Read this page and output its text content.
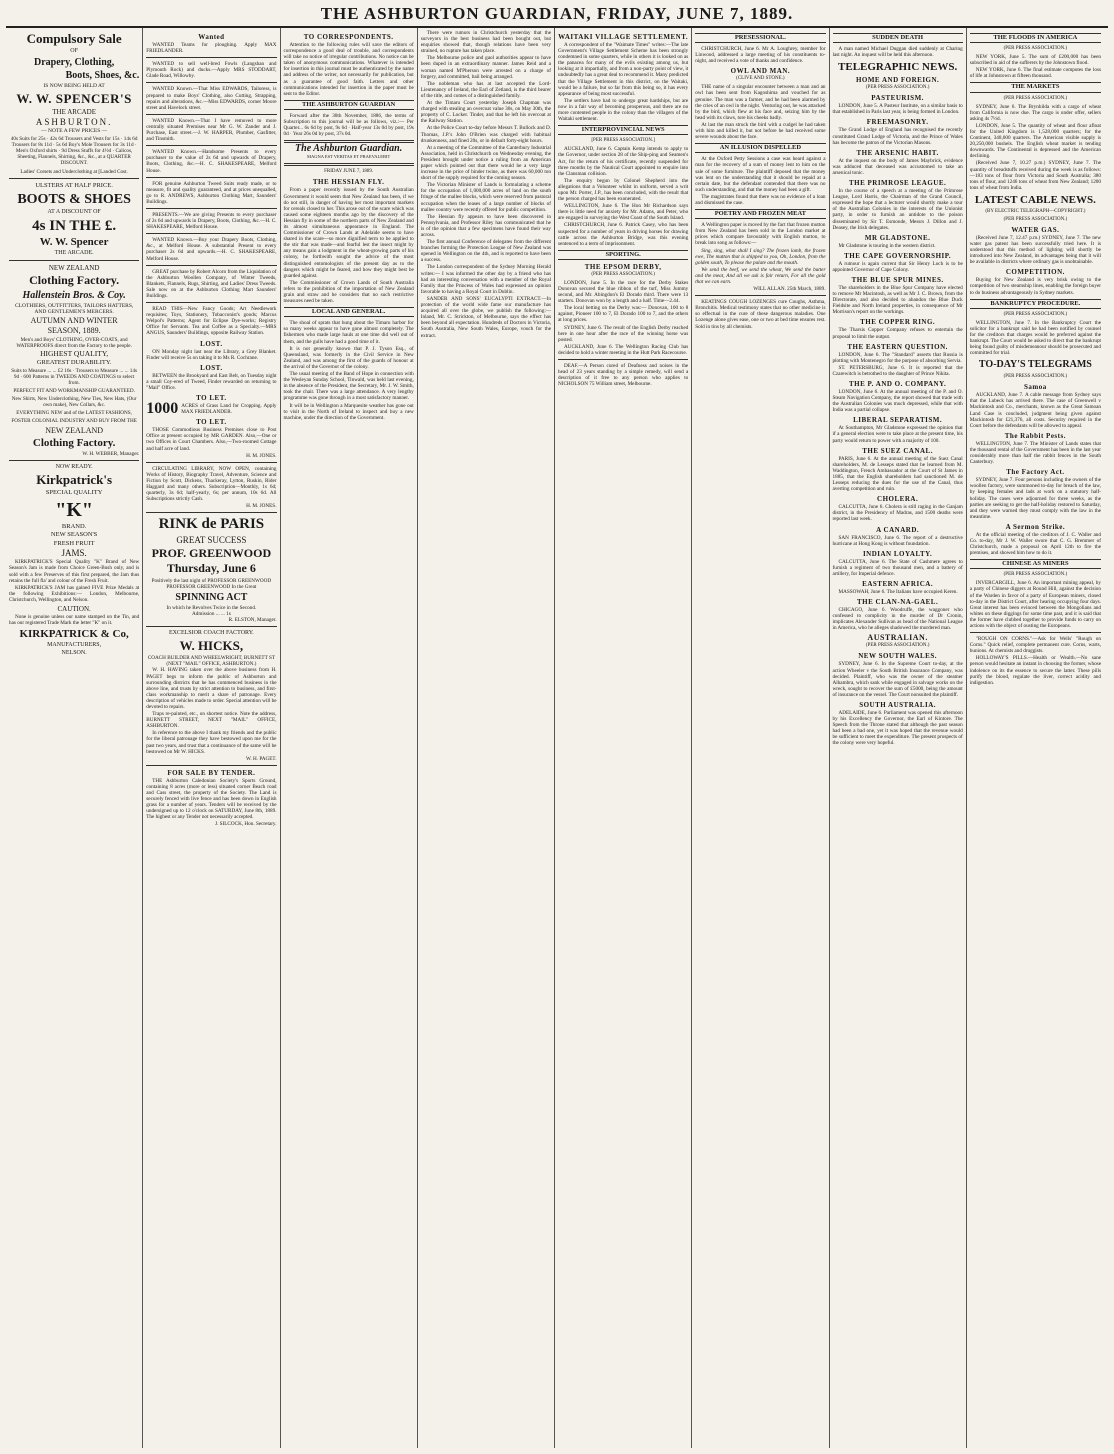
THE ASHBURTON GUARDIAN, FRIDAY, JUNE 7, 1889.
Compulsory Sale
OF
Drapery, Clothing,
Boots, Shoes, &c.
IS NOW BEING HELD AT
W. W. SPENCER'S
THE ARCADE
ASHBURTON.
— NOTE A FEW PRICES —
40s Suits for 25s · 42s 6d Trousers and Vests for 15s · 14s 6d Trousers for 8s 11d · 5s 6d Boy's Mole Trousers for 3s 11d · Men's Oxford shirts · 9d Dress Stuffs for 4½d · Calicos, Sheeting, Flannels, Shirting, &c., &c., at a QUARTER DISCOUNT.
Ladies' Corsets and Underclothing at [Landed Cost.
ULSTERS AT HALF PRICE.
BOOTS & SHOES
AT A DISCOUNT OF
4s IN THE £.
W. W. Spencer
THE ARCADE.
NEW ZEALAND
Clothing Factory.
Hallenstein Bros. & Coy.
CLOTHIERS, OUTFITTERS, TAILORS HATTERS, AND GENTLEMEN'S MERCERS.
AUTUMN AND WINTER
SEASON, 1889.
Men's and Boys' CLOTHING, OVER-COATS, and WATERPROOFS direct from the Factory to the people.
HIGHEST QUALITY,
GREATEST DURABILITY.
Suits to Measure ... ... £2 16s · Trousers to Measure ... ... 14s 9d · 600 Patterns in TWEEDS AND COATINGS to select from.
PERFECT FIT AND WORKMANSHIP GUARANTEED.
New Shirts, New Underclothing, New Ties, New Hats, (Our own make), New Collars, &c.
EVERYTHING NEW and of the LATEST FASHIONS,
FOSTER COLONIAL INDUSTRY AND BUY FROM THE
NEW ZEALAND
Clothing Factory.
W. H. WEBBER, Manager.
NOW READY.
Kirkpatrick's
SPECIAL QUALITY
"K"
BRAND.
NEW SEASON'S
FRESH FRUIT
JAMS.
KIRKPATRICK'S Special Quality "K" Brand of New Season's Jam is made from Choice Green-Bush only, and is sold with a few Preserves of this first prepared, the Jam thus retains the full fla' and colour of the Fresh Fruit.
KIRKPATRICK'S JAM has gained FIVE Prize Medals at the following Exhibitions:— London, Melbourne, Christchurch, Wellington, and Nelson.
CAUTION.
None is genuine unless our name stamped on the Tin, and has our registered Trade Mark the letter "K" on it.
KIRKPATRICK & Co,
MANUFACTURERS,
NELSON.
Wanted
WANTED Teams for ploughing. Apply MAX FRIEDLANDER.
WANTED to sell well-bred Fowls (Langshan and Plymouth Rock) and ducks.—Apply MRS STODDART, Glade Road, Willowby.
WANTED Known.—That Miss EDWARDS, Tailoress, is prepared to make Boys' Clothing, also Cutting, Strapping, repairs and alterations, &c.—Miss EDWARDS, corner Moore street and Havelock street.
WANTED Known.—That I have removed to more centrally situated Premises near Mr G. W. Zander and J. Purchase, East street.—J. W. HARPER, Plumber, Gasfitter, and Tinsmith.
WANTED Known.—Handsome Presents to every purchaser to the value of 2s 6d and upwards of Drapery, Boots, Clothing, &c.—H. C. SHAKESPEARE, Melford House.
FOR genuine Ashburton Tweed Suits ready made, or to measure, fit and quality guaranteed, and at prices unequalled, go to R. ANDREWS, Ashburton Clothing Mart, Saunders' Buildings.
PRESENTS.—We are giving Presents to every purchaser of 2s 6d and upwards in Drapery, Boots, Clothing, &c.—H. C. SHAKESPEARE, Melford House.
WANTED Known.—Buy your Drapery Boots, Clothing, &c., at Melford House. A substantial Present to every purchaser 2s 6d and upwards.—H. C. SHAKESPEARE, Melford House.
GREAT purchase by Robert Alcorn from the Liquidation of the Ashburton Woollen Company, of Winter Tweeds, Blankets, Flannels, Rugs, Shirting, and Ladies' Dress Tweeds. Sale now on at the Ashburton Clothing Mart Saunders' Buildings.
READ THIS—New Fancy Goods; Art Needlework requisites; Toys, Stationery, Tobacconist's goods; Marcus Welpol's Patterns; Agent for Eclipse Dye-works; Registry Office for Servants. Tea and Coffee as a Specialty.—MRS ANGUS, Saunders' Buildings, opposite Railway Station.
LOST.
ON Monday night last near the Library, a Grey Blanket. Finder will receive 5s on taking it to Ms R. Cochrane.
LOST.
BETWEEN the Brookyard and East Belt, on Tuesday night a small Coy-ered of Tweed, Finder rewarded on returning to "Mail" Office.
TO LET.
1000 ACRES of Grass Land for Cropping. Apply MAX FRIEDLANDER.
TO LET.
THOSE Commodious Business Premises close to Post Office at present occupied by MR GARDEN. Also,—One or two Offices in Court Chambers. Also,—Two-roomed Cottage and half acre of land.
H. M. JONES.
CIRCULATING LIBRARY, NOW OPEN, containing Works of History, Biography Travel, Adventure, Science and Fiction by Scott, Dickens, Thackeray, Lytton, Ruskin, Rider Haggard and many others. Subscription—Monthly, 1s 6d; quarterly, 3s 6d; half-yearly, 6s; per annum, 10s 6d. All Subscriptions strictly Cash.
H. M. JONES.
RINK de PARIS
GREAT SUCCESS
PROF. GREENWOOD
Thursday, June 6
Positively the last night of PROFESSOR GREENWOOD PROFESSOR GREENWOOD In the Great
SPINNING ACT
In which he Revolves Twice in the Second.
Admission ... ... 1s
R. ELSTON, Manager.
EXCELSIOR COACH FACTORY.
W. HICKS,
COACH BUILDER AND WHEELWRIGHT, BURNETT ST (NEXT "MAIL" OFFICE, ASHBURTON.)
W. H. HAVING taken over the above business from H. PAGET begs to inform the public of Ashburton and surrounding districts that he has commenced business in the above line, and trusts by strict attention to business, and first-class workmanship to merit a share of patronage. Every description of vehicles made to order. Special attention will be devoted to repairs.
Traps re-painted, etc., on shortest notice. Note the address, BURNETT STREET, NEXT "MAIL" OFFICE, ASHBURTON.
In reference to the above I thank my friends and the public for the liberal patronage they have bestowed upon me for the past two years, and trust that a continuance of the same will be bestowed on Mr W. HICKS.
W. H. PAGET.
FOR SALE BY TENDER.
THE Ashburton Caledonian Society's Sports Ground, containing 8 acres (more or less) situated corner Beach road and Cass street, the property of the Society. The Land is securely fenced with live fence and has been down in English grass for a number of years. Tenders will be received by the undersigned up to 12 o'clock on SATURDAY, June 8th, 1889. The highest or any Tender not necessarily accepted.
J. SILCOCK, Hon. Secretary.
TO CORRESPONDENTS.
Attention to the following rules will save the editors of correspondence a good deal of trouble, and correspondents will take no notice of irregular contributions. No notice can be taken of anonymous communications. Whatever is intended for insertion in this journal must be authenticated by the name and address of the writer, not necessarily for publication, but as a guarantee of good faith. Letters and other communications intended for insertion in the paper must be sent to the Editor.
THE ASHBURTON GUARDIAN
Forward after the 30th November, 1886, the terms of Subscription to this journal will be as follows, viz.:— Per Quarter... 6s 6d by post, 9s 6d · Half-year 13s 0d by post, 19s 0d · Year 26s 0d by post, 37s 0d.
The Ashburton Guardian.
MAGNA EST VERITAS ET PRAEVALEBIT
FRIDAY JUNE 7, 1889.
THE HESSIAN FLY.
From a paper recently issued by the South Australian Government it would seem that New Zealand has been, if we do not still, in danger of having her most important markets for cereals closed to her. This arose out of the scare which was caused some eighteen months ago by the discovery of the Hessian fly in some of the northern parts of New Zealand and its almost simultaneous appearance in England. The Commissioner of Crown Lands at Adelaide seems to have shared in the scare—so more dignified term to be applied to the stir that was made—and fearful lest the insect might by any means gain a lodgment in the wheat-growing parts of his colony, he forthwith sought the advice of the most distinguished entomologists of the present day as to the dangers which might be feared, and how they might best be guarded against.
The Commissioner of Crown Lands of South Australia refers to the prohibition of the importation of New Zealand grain and straw and he considers that no such restrictive measures need be taken.
LOCAL AND GENERAL.
The shoal of sprats that hung about the Timaru harbor for so many weeks appear to have gone almost completely. The fishermen who made large hauls at one time did well out of them, and the gulls have had a good time of it.
It is not generally known that P. J. Tyson Esq., of Queensland, was formerly in the Civil Service in New Zealand, and was among the first of the guards of honour at the arrival of the Governor of the colony.
The usual meeting of the Band of Hope in connection with the Wesleyan Sunday School, Tinwald, was held last evening, in the absence of the President, the Secretary, Mr. J. W. Smith, took the chair. There was a large attendance. A very lengthy programme was gone through in a most satisfactory manner.
It will be in Wellington a Marquesite weather has gone out to visit in the North of Ireland to inspect and buy a new machine, under the direction of the Government.
There were rumors in Christchurch yesterday that the surveyors in the best business had been bought out, but enquiries showed that, though relations have been very strained, no rupture has taken place.
The Melbourne police and gaol authorities appear to have been duped in an extraordinary manner. James Reid and a woman named M'Pherson were arrested on a charge of forgery, and committed, bail being arranged.
The nobleman who has at last accepted the Lord-Lieutenancy of Ireland, the Earl of Zetland, is the third bearer of the title, and comes of a distinguished family.
At the Timaru Court yesterday Joseph Chapman was charged with stealing an overcoat value 30s, on May 30th, the property of C. Locker. Tinder, and that he left his overcoat at the Railway Station.
At the Police Court to-day before Messrs T. Bullock and D. Thomas, J.P.'s John O'Brien was charged with habitual drunkenness, and fined 20s, or in default forty-eight hours.
At a meeting of the Committee of the Canterbury Industrial Association, held in Christchurch on Wednesday evening, the President brought under notice a ruling from an American paper which pointed out that there would be a very large increase in the price of binder twine, as there was 60,000 ton short of the supply required for the coming season.
The Victorian Minister of Lands is formulating a scheme for the occupation of 1,000,000 acres of land on the south fringe of the mallee blocks, which were reserved from pastoral occupation when the leases of a large number of blocks of mallee country were recently offered for public competition.
The Hessian fly appears to have been discovered in Pennsylvania, and Professor Riley has communicated that he is of the opinion that a few specimens have found their way across.
The first annual Conference of delegates from the different branches forming the Protection League of New Zealand was opened in Wellington on the 4th, and is reported to have been a success.
The London correspondent of the Sydney Morning Herald writes:— I was informed the other day by a friend who has had an interesting conversation with a member of the Royal Family that the Princess of Wales had expressed an opinion favorable to having a Royal Court in Dublin.
SANDER AND SONS' EUCALYPTI EXTRACT.—In protection of the world wide fame our manufacture has acquired all over the globe, we publish the following:—Inland, Mr. C. Strickton, of Melbourne, says the effect has been beyond all expectation. Hundreds of Doctors in Victoria, South Australia, New South Wales, Europe, vouch for the extract.
WAITAKI VILLAGE SETTLEMENT.
A correspondent of the "Waimate Times" writes:—The late Government's Village Settlement Scheme has been strongly condemned in some quarters, while in others it is looked on as the panacea for many of the evils existing among us, but looking at it impartially, and from a non-party point of view, it undoubtedly has a great deal to recommend it. Many predicted that the Village Settlement in this district, on the Waitaki, would be a failure, but so far from this being so, it has every appearance of being most successful.
The settlers have had to undergo great hardships, but are now in a fair way of becoming prosperous, and there are no more contented people in the colony than the villagers of the Waitaki settlement.
INTERPROVINCIAL NEWS
[PER PRESS ASSOCIATION.]
AUCKLAND, June 6. Captain Kemp intends to apply to the Governor, under section 28 of the Ship-ping and Seamen's Act, for the return of his certificate, recently suspended for three months by the Nautical Court appointed to enquire into the Clansman collision.
The enquiry begun by Colonel Shepherd into the allegations that a Volunteer whilst in uniform, served a writ upon Mr. Porter, J.P., has been concluded, with the result that the person charged has been exonerated.
WELLINGTON, June 6. The Hon Mr Richardson says there is little need for anxiety for Mr. Adams, and Peter, who are engaged in surveying the West Coast of the South Island.
CHRISTCHURCH, June 6. Patrick Casey, who has been suspected for a number of years in driving horses for drawing cattle across the Ashburton Bridge, was this evening sentenced to a term of imprisonment.
SPORTING.
THE EPSOM DERBY,
(PER PRESS ASSOCIATION.)
LONDON, June 5. In the race for the Derby Stakes Donovan secured the blue ribbon of the turf, Miss Jummy second, and Mr. Abingdon's El Dorado third. There were 13 starters. Donovan won by a length and a half. Time—2.44.
The local betting on the Derby was:— Donovan, 100 to 8 against, Pioneer 100 to 7, El Dorado 100 to 7, and the others at long prices.
SYDNEY, June 6. The result of the English Derby reached here in one hour after the race of the winning horse was posted.
AUCKLAND, June 6. The Wellington Racing Club has decided to hold a winter meeting in the Hutt Park Racecourse.
DEAF.—A Person cured of Deafness and noises in the head of 23 years standing by a simple remedy, will send a description of it free to any person who applies to NICHOLSON 75 William street, Melbourne.
PRESESSIONAL.
CHRISTCHURCH, June 6. Mr A. Loughrey, member for Linwood, addressed a large meeting of his constituents to-night, and received a vote of thanks and confidence.
OWL AND MAN.
(CLIVE AND STONE.)
THE name of a singular encounter between a man and an owl has been sent from Kagoshima and vouched for as genuine. The man was a farmer, and he had been alarmed by the cries of an owl in the night. Venturing out, he was attacked by the bird, which flew at his face and, seizing him by the head with its claws, tore his cheeks badly.
At last the man struck the bird with a cudgel he had taken with him and killed it, but not before he had received some severe wounds about the face.
AN ILLUSION DISPELLED
At the Oxford Petty Sessions a case was heard against a man for the recovery of a sum of money lent to him on the sale of some furniture. The plaintiff deposed that the money was lent on the understanding that it should be repaid at a certain date, but the defendant contended that there was no such understanding, and that the money had been a gift.
The magistrates found that there was no evidence of a loan and dismissed the case.
POETRY AND FROZEN MEAT
A Wellington paper is moved by the fact that frozen mutton from New Zealand has been sold in the London market at prices which compare favourably with English mutton, to break into song as follows:—
Sing, sing, what shall I sing? The frozen lamb, the frozen ewe, The mutton that is shipped to you, Oh, London, from the golden south, To please the palate and the mouth.
We send the beef, we send the wheat, We send the butter and the meat, And all we ask is fair return, For all the gold that we can earn.
WILL ALLAN. 25th March, 1889.
KEATINGS COUGH LOZENGES cure Coughs, Asthma, Bronchitis. Medical testimony states that no other medicine is so effectual in the cure of these dangerous maladies. One Lozenge alone gives ease, one or two at bed time ensures rest. Sold in tins by all chemists.
SUDDEN DEATH
A man named Michael Duggan died suddenly at Charing last night. An inquest will be held this afternoon.
TELEGRAPHIC NEWS.
HOME AND FOREIGN.
(PER PRESS ASSOCIATION.)
PASTEURISM.
LONDON, June 5. A Pasteur Institute, on a similar basis to that established in Paris last year, is being formed in London.
FREEMASONRY.
The Grand Lodge of England has recognised the recently constituted Grand Lodge of Victoria, and the Prince of Wales has become the patron of the Victorian Masons.
THE ARSENIC HABIT.
At the inquest on the body of James Maybrick, evidence was adduced that deceased was accustomed to take an arsenical tonic.
THE PRIMROSE LEAGUE.
In the course of a speech at a meeting of the Primrose League, Lord Harris, the Chairman of the Grand Council, expressed the hope that a lecturer would shortly make a tour of the Australian Colonies in the interests of the Unionist party, in order to furnish an antidote to the poison disseminated by Sir T. Esmonde, Messrs J. Dillon and J. Deasey, the Irish delegates.
MR GLADSTONE.
Mr Gladstone is touring in the western district.
THE CAPE GOVERNORSHIP.
A rumour is again current that Sir Henry Loch is to be appointed Governor of Cape Colony.
THE BLUE SPUR MINES.
The shareholders in the Blue Spur Company have elected to remove Mr Macintosh, as well as Mr J. C. Brown, from the Directorate, and also decided to abandon the Blue Duck Fieldsite and North Ireland properties, in consequence of Mr Morrison's report on the workings.
THE COPPER RING.
The Tharsis Copper Company refuses to entertain the proposal to limit the output.
THE EASTERN QUESTION.
LONDON, June 6. The "Standard" asserts that Russia is plotting with Montenegro for the purpose of absorbing Servia.
ST. PETERSBURG, June 6. It is reported that the Czarewitch is betrothed to the daughter of Prince Nikita.
THE P. AND O. COMPANY.
LONDON, June 6. At the annual meeting of the P. and O. Steam Navigation Company, the report showed that trade with the Australian Colonies was much depressed, while that with India was a partial collapse.
LIBERAL SEPARATISM.
At Southampton, Mr Gladstone expressed the opinion that if a general election were to take place at the present time, his party would return to power with a majority of 100.
THE SUEZ CANAL.
PARIS, June 6. At the annual meeting of the Suez Canal shareholders, M. de Lesseps stated that he learned from M. Waddington, French Ambassador at the Court of St James in 1885, that the English shareholders had sanctioned M. de Lesseps reducing the dues for the use of the Canal, thus averting competition and ruin.
CHOLERA.
CALCUTTA, June 6. Cholera is still raging in the Ganjam district, in the Presidency of Madras, and 1500 deaths were reported last week.
A CANARD.
SAN FRANCISCO, June 6. The report of a destructive hurricane at Hong Kong is without foundation.
INDIAN LOYALTY.
CALCUTTA, June 6. The State of Cashmere agrees to furnish a regiment of two thousand men, and a battery of artillery, for Imperial defence.
EASTERN AFRICA.
MASSOWAH, June 6. The Italians have occupied Keren.
THE CLAN-NA-GAEL.
CHICAGO, June 6. Woodruffe, the waggoner who confessed to complicity in the murder of Dr Cronin, implicates Alexander Sullivan as head of the National League in America, who he alleges shadowed the murdered man.
AUSTRALIAN.
(PER PRESS ASSOCIATION.)
NEW SOUTH WALES.
SYDNEY, June 6. In the Supreme Court to-day, at the action Wheeler v the South British Insurance Company, was decided. Plaintiff, who was the owner of the steamer Alhambra, which sank while engaged in salvage works on the wreck, sought to recover the sum of £5000, being the amount of insurance on the vessel. The Court nonsuited the plaintiff.
SOUTH AUSTRALIA.
ADELAIDE, June 6. Parliament was opened this afternoon by his Excellency the Governor, the Earl of Kintore. The Speech from the Throne stated that although the past season had been a bad one, yet it was hoped that the revenue would be sufficient to meet the expenditure. The present prospects of the colony were very hopeful.
THE FLOODS IN AMERICA
(PER PRESS ASSOCIATION.)
NEW YORK, June 5. The sum of £200,000 has been subscribed in aid of the sufferers by the Johnstown flood.
NEW YORK, June 6. The final estimate computes the loss of life at Johnstown at fifteen thousand.
THE MARKETS
(PER PRESS ASSOCIATION.)
SYDNEY, June 6. The Brynhilda with a cargo of wheat from California is now due. The cargo is under offer, sellers asking 4s 7½d.
LONDON, June 5. The quantity of wheat and flour afloat for the United Kingdom is 1,528,000 quarters; for the Continent, 348,000 quarters. The American visible supply is 20,250,000 bushels. The English wheat market is tending downwards. The Continental is depressed and the American declining.
(Received June 7, 10.27 p.m.) SYDNEY, June 7. The quantity of breadstuffs received during the week is as follows:—183 tons of flour from Victoria and South Australia; 380 tons of flour, and 1246 tons of wheat from New Zealand; 1200 tons of wheat from India.
LATEST CABLE NEWS.
(BY ELECTRIC TELEGRAPH—COPYRIGHT.)
(PER PRESS ASSOCIATION.)
WATER GAS.
(Received June 7, 12.47 p.m.) SYDNEY, June 7. The new water gas patent has been successfully tried here. It is understood that this method of lighting will shortly be introduced into New Zealand, its advantages being that it will be available in districts where ordinary gas is unobtainable.
COMPETITION.
Buying for New Zealand is very brisk owing to the competition of two steamship lines, enabling the foreign buyer to do business advantageously in Sydney markets.
BANKRUPTCY PROCEDURE.
(PER PRESS ASSOCIATION.)
WELLINGTON, June 7. In the Bankruptcy Court the solicitor for a bankrupt said he had been notified by counsel for the creditors that charges would be preferred against the bankrupt. The Court would be asked to direct that the bankrupt being found guilty of misdemeanour should be prosecuted and committed for trial.
TO-DAY'S TELEGRAMS
(PER PRESS ASSOCIATION.)
Samoa
AUCKLAND, June 7. A cable message from Sydney says that the Lubeck has arrived there. The case of Greenwell v Mackintosh and Co., merchants, known as the Great Samoan Land Case is concluded, judgment being given against Mackintosh for £21,376, all costs. Security required in the Court before the defendants will be allowed to appeal.
The Rabbit Pests.
WELLINGTON, June 7. The Minister of Lands states that the thousand rental of the Government has been in the last year considerably more than half the rabbit fences in the South Canterbury.
The Factory Act.
SYDNEY, June 7. Four persons including the owners of the woollen factory, were summoned to-day for breach of the law, by keeping females and lads at work on a statutory half-holiday. The cases were adjourned for three weeks, as the parties are seeking to get the half-holiday restored to Saturday, and they were warned they must comply with the law in the meantime.
A Sermon Strike.
At the official meeting of the creditors of J. C. Waller and Co. to-day, Mr J. W. Waller swore that C. G. Bremmer of Christchurch, made a proposal on April 12th to fire the premises, and showed him how to do it.
CHINESE AS MINERS
(PER PRESS ASSOCIATION.)
INVERCARGILL, June 6. An important mining appeal, by a party of Chinese diggers at Round Hill, against the decision of the Warden in favor of a party of European miners, closed to-day in the District Court, after hearing occupying four days. Great interest has been evinced between the Mongolians and whites on these diggings for some time past, and it is said that the former have clubbed together to provide funds to carry on actions with the object of ousting the Europeans.
"ROUGH ON CORNS."—Ask for Wells' "Rough on Corns." Quick relief, complete permanent cure. Corns, warts, bunions. At chemists and druggists.
HOLLOWAY'S PILLS.—Health or Wealth.—No sane person would hesitate an instant in choosing the former, whose indolence on its the essence to secure the latter. These pills purify the blood, regulate the liver, correct acidity and indigestion.
